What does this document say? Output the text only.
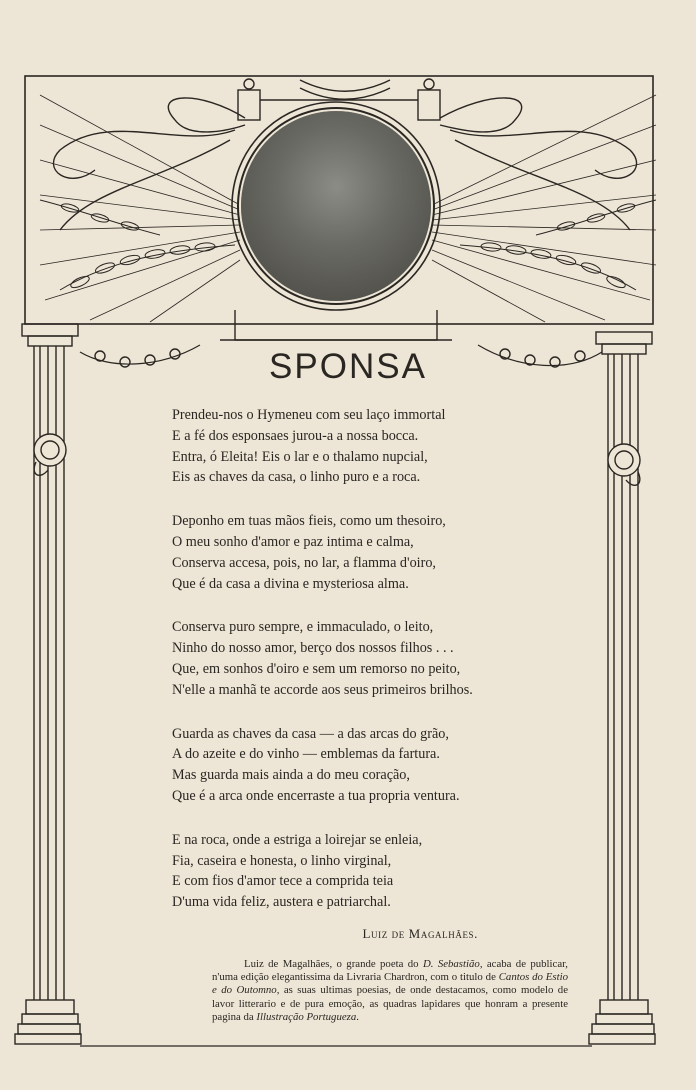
SPONSA
Prendeu-nos o Hymeneu com seu laço immortal
E a fé dos esponsaes jurou-a a nossa bocca.
Entra, ó Eleita! Eis o lar e o thalamo nupcial,
Eis as chaves da casa, o linho puro e a roca.
Deponho em tuas mãos fieis, como um thesoiro,
O meu sonho d'amor e paz intima e calma,
Conserva accesa, pois, no lar, a flamma d'oiro,
Que é da casa a divina e mysteriosa alma.
Conserva puro sempre, e immaculado, o leito,
Ninho do nosso amor, berço dos nossos filhos . . .
Que, em sonhos d'oiro e sem um remorso no peito,
N'elle a manhã te accorde aos seus primeiros brilhos.
Guarda as chaves da casa — a das arcas do grão,
A do azeite e do vinho — emblemas da fartura.
Mas guarda mais ainda a do meu coração,
Que é a arca onde encerraste a tua propria ventura.
E na roca, onde a estriga a loirejar se enleia,
Fia, caseira e honesta, o linho virginal,
E com fios d'amor tece a comprida teia
D'uma vida feliz, austera e patriarchal.
Luiz de Magalhães.

Luiz de Magalhães, o grande poeta do D. Sebastião, acaba de publicar, n'uma edição elegantissima da Livraria Chardron, com o titulo de Cantos do Estio e do Outomno, as suas ultimas poesias, de onde destacamos, como modelo de lavor litterario e de pura emoção, as quadras lapidares que honram a presente pagina da Illustração Portugueza.
